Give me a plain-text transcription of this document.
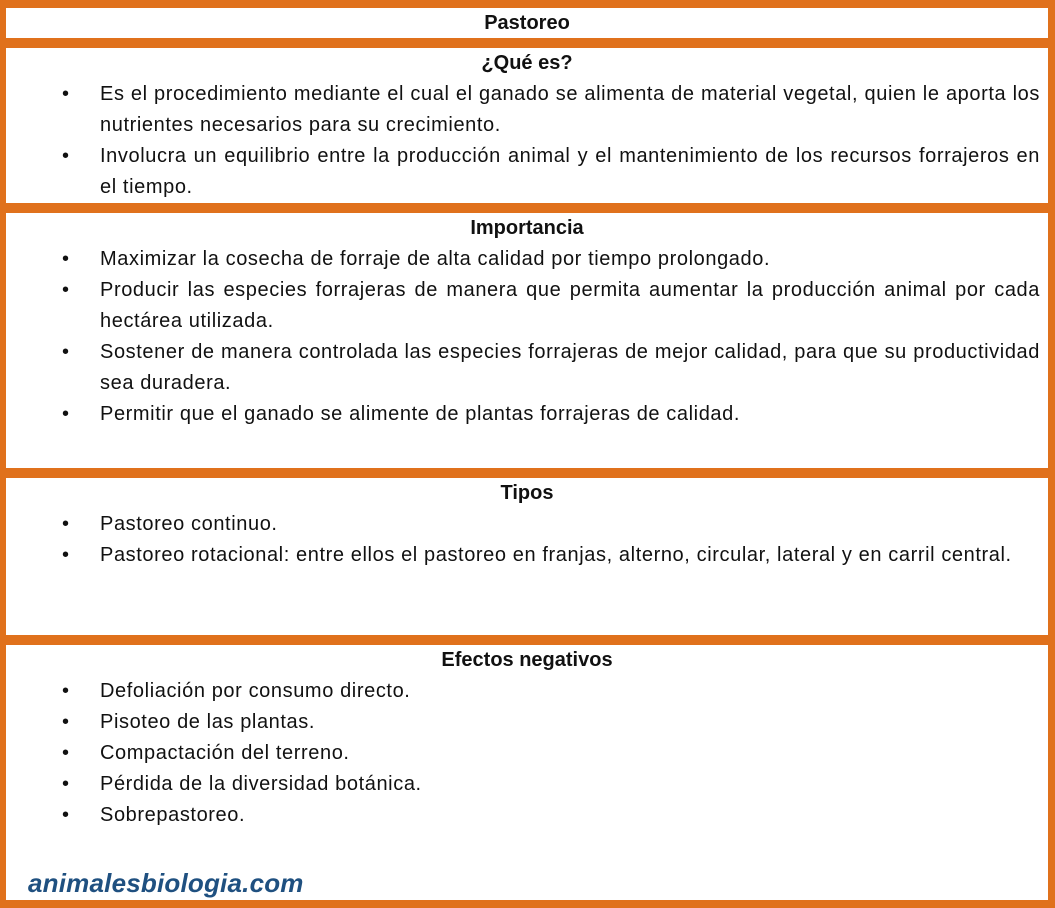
Pastoreo
¿Qué es?
• Es el procedimiento mediante el cual el ganado se alimenta de material vegetal, quien le aporta los nutrientes necesarios para su crecimiento.
• Involucra un equilibrio entre la producción animal y el mantenimiento de los recursos forrajeros en el tiempo.
Importancia
• Maximizar la cosecha de forraje de alta calidad por tiempo prolongado.
• Producir las especies forrajeras de manera que permita aumentar la producción animal por cada hectárea utilizada.
• Sostener de manera controlada las especies forrajeras de mejor calidad, para que su productividad sea duradera.
• Permitir que el ganado se alimente de plantas forrajeras de calidad.
Tipos
• Pastoreo continuo.
• Pastoreo rotacional: entre ellos el pastoreo en franjas, alterno, circular, lateral y en carril central.
Efectos negativos
• Defoliación por consumo directo.
• Pisoteo de las plantas.
• Compactación del terreno.
• Pérdida de la diversidad botánica.
• Sobrepastoreo.
animalesbiologia.com
